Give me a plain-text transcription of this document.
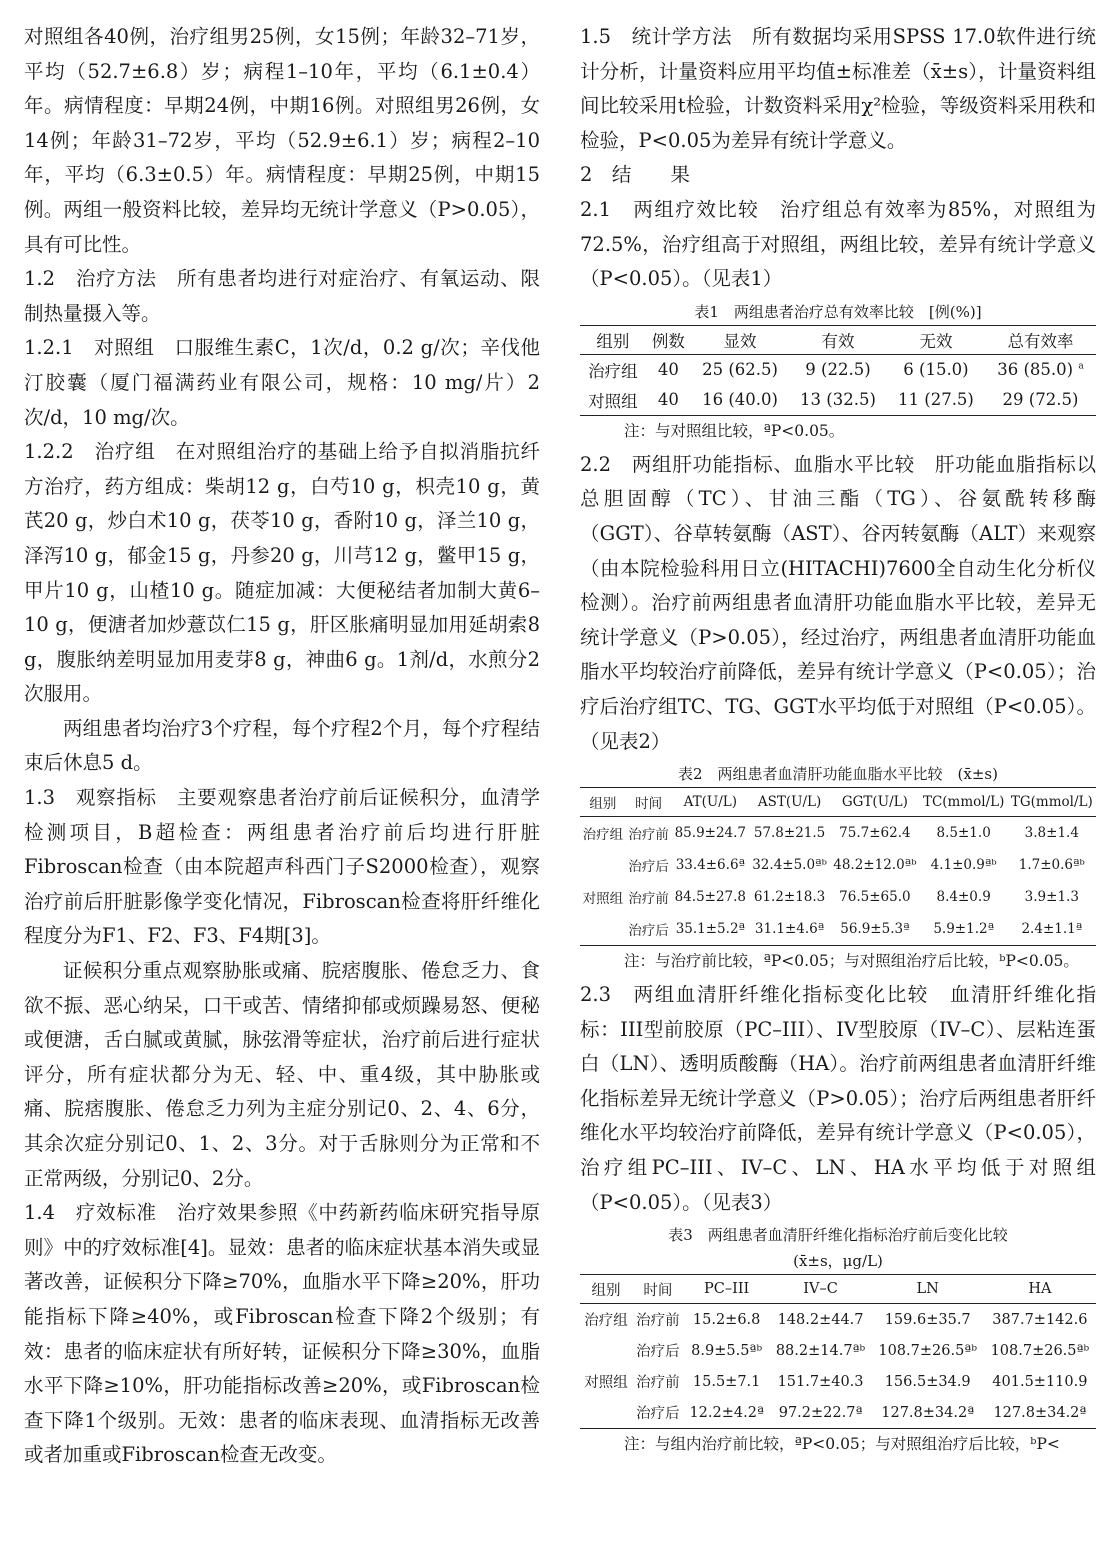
对照组各40例，治疗组男25例，女15例；年龄32–71岁，平均（52.7±6.8）岁；病程1–10年，平均（6.1±0.4）年。病情程度：早期24例，中期16例。对照组男26例，女14例；年龄31–72岁，平均（52.9±6.1）岁；病程2–10年，平均（6.3±0.5）年。病情程度：早期25例，中期15例。两组一般资料比较，差异均无统计学意义（P>0.05），具有可比性。

1.2　治疗方法　所有患者均进行对症治疗、有氧运动、限制热量摄入等。

1.2.1　对照组　口服维生素C，1次/d，0.2 g/次；辛伐他汀胶囊（厦门福满药业有限公司，规格：10 mg/片）2次/d，10 mg/次。

1.2.2　治疗组　在对照组治疗的基础上给予自拟消脂抗纤方治疗，药方组成：柴胡12 g，白芍10 g，枳壳10 g，黄芪20 g，炒白术10 g，茯苓10 g，香附10 g，泽兰10 g，泽泻10 g，郁金15 g，丹参20 g，川芎12 g，鳖甲15 g，甲片10 g，山楂10 g。随症加减：大便秘结者加制大黄6–10 g，便溏者加炒薏苡仁15 g，肝区胀痛明显加用延胡索8 g，腹胀纳差明显加用麦芽8 g，神曲6 g。1剂/d，水煎分2次服用。

两组患者均治疗3个疗程，每个疗程2个月，每个疗程结束后休息5 d。

1.3　观察指标　主要观察患者治疗前后证候积分，血清学检测项目，B超检查：两组患者治疗前后均进行肝脏Fibroscan检查（由本院超声科西门子S2000检查），观察治疗前后肝脏影像学变化情况，Fibroscan检查将肝纤维化程度分为F1、F2、F3、F4期[3]。

证候积分重点观察胁胀或痛、脘痞腹胀、倦怠乏力、食欲不振、恶心纳呆，口干或苦、情绪抑郁或烦躁易怒、便秘或便溏，舌白腻或黄腻，脉弦滑等症状，治疗前后进行症状评分，所有症状都分为无、轻、中、重4级，其中胁胀或痛、脘痞腹胀、倦怠乏力列为主症分别记0、2、4、6分，其余次症分别记0、1、2、3分。对于舌脉则分为正常和不正常两级，分别记0、2分。

1.4　疗效标准　治疗效果参照《中药新药临床研究指导原则》中的疗效标准[4]。显效：患者的临床症状基本消失或显著改善，证候积分下降≥70%，血脂水平下降≥20%，肝功能指标下降≥40%，或Fibroscan检查下降2个级别；有效：患者的临床症状有所好转，证候积分下降≥30%，血脂水平下降≥10%，肝功能指标改善≥20%，或Fibroscan检查下降1个级别。无效：患者的临床表现、血清指标无改善或者加重或Fibroscan检查无改变。

1.5　统计学方法　所有数据均采用SPSS 17.0软件进行统计分析，计量资料应用平均值±标准差（x̄±s），计量资料组间比较采用t检验，计数资料采用χ²检验，等级资料采用秩和检验，P<0.05为差异有统计学意义。

2　结　　果

2.1　两组疗效比较　治疗组总有效率为85%，对照组为72.5%，治疗组高于对照组，两组比较，差异有统计学意义（P<0.05）。（见表1）

表1　两组患者治疗总有效率比较　[例(%)]
组别	例数	显效	有效	无效	总有效率
治疗组	40	25 (62.5)	9 (22.5)	6 (15.0)	36 (85.0) $^a$
对照组	40	16 (40.0)	13 (32.5)	11 (27.5)	29 (72.5)
注：与对照组比较，ªP<0.05。

2.2　两组肝功能指标、血脂水平比较　肝功能血脂指标以总胆固醇（TC）、甘油三酯（TG）、谷氨酰转移酶（GGT）、谷草转氨酶（AST）、谷丙转氨酶（ALT）来观察（由本院检验科用日立(HITACHI)7600全自动生化分析仪检测）。治疗前两组患者血清肝功能血脂水平比较，差异无统计学意义（P>0.05），经过治疗，两组患者血清肝功能血脂水平均较治疗前降低，差异有统计学意义（P<0.05）；治疗后治疗组TC、TG、GGT水平均低于对照组（P<0.05）。（见表2）

表2　两组患者血清肝功能血脂水平比较　(x̄±s)
组别	时间	AT(U/L)	AST(U/L)	GGT(U/L)	TC(mmol/L)	TG(mmol/L)
治疗组	治疗前	85.9±24.7	57.8±21.5	75.7±62.4	8.5±1.0	3.8±1.4
	治疗后	33.4±6.6ª	32.4±5.0ªᵇ	48.2±12.0ªᵇ	4.1±0.9ªᵇ	1.7±0.6ªᵇ
对照组	治疗前	84.5±27.8	61.2±18.3	76.5±65.0	8.4±0.9	3.9±1.3
	治疗后	35.1±5.2ª	31.1±4.6ª	56.9±5.3ª	5.9±1.2ª	2.4±1.1ª
注：与治疗前比较，ªP<0.05；与对照组治疗后比较，ᵇP<0.05。

2.3　两组血清肝纤维化指标变化比较　血清肝纤维化指标：III型前胶原（PC–III）、IV型胶原（IV–C）、层粘连蛋白（LN）、透明质酸酶（HA）。治疗前两组患者血清肝纤维化指标差异无统计学意义（P>0.05）；治疗后两组患者肝纤维化水平均较治疗前降低，差异有统计学意义（P<0.05），治疗组PC–III、IV–C、LN、HA水平均低于对照组（P<0.05）。（见表3）

表3　两组患者血清肝纤维化指标治疗前后变化比较
(x̄±s，μg/L)
组别	时间	PC–III	IV–C	LN	HA
治疗组	治疗前	15.2±6.8	148.2±44.7	159.6±35.7	387.7±142.6
	治疗后	8.9±5.5ªᵇ	88.2±14.7ªᵇ	108.7±26.5ªᵇ	108.7±26.5ªᵇ
对照组	治疗前	15.5±7.1	151.7±40.3	156.5±34.9	401.5±110.9
	治疗后	12.2±4.2ª	97.2±22.7ª	127.8±34.2ª	127.8±34.2ª
注：与组内治疗前比较，ªP<0.05；与对照组治疗后比较，ᵇP<
